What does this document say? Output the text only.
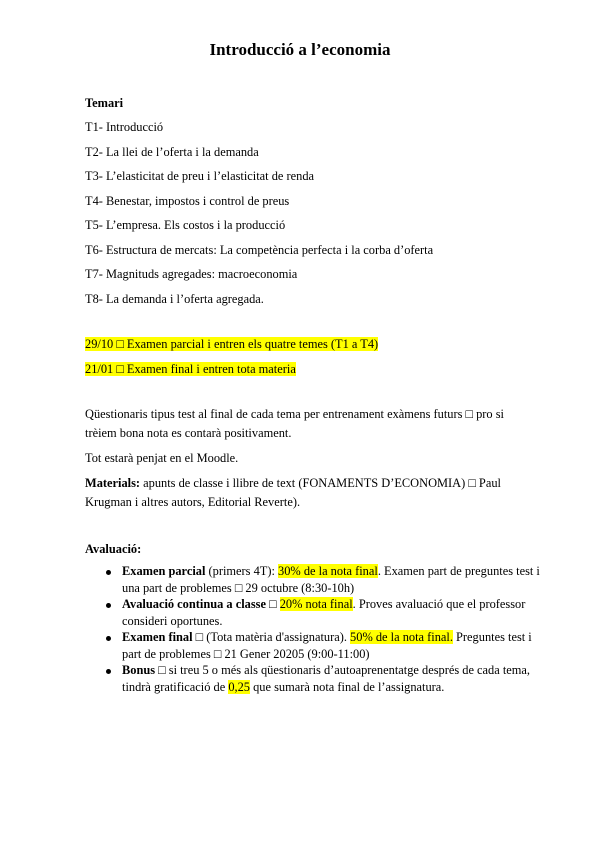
Introducció a l’economia
Temari
T1- Introducció
T2- La llei de l’oferta i la demanda
T3- L’elasticitat de preu i l’elasticitat de renda
T4- Benestar, impostos i control de preus
T5- L’empresa. Els costos i la producció
T6- Estructura de mercats: La competència perfecta i la corba d’oferta
T7- Magnituds agregades: macroeconomia
T8- La demanda i l’oferta agregada.
29/10 □ Examen parcial i entren els quatre temes (T1 a T4)
21/01 □ Examen final i entren tota materia
Qüestionaris tipus test al final de cada tema per entrenament exàmens futurs □ pro si trèiem bona nota es contarà positivament.
Tot estarà penjat en el Moodle.
Materials: apunts de classe i llibre de text (FONAMENTS D’ECONOMIA) □ Paul Krugman i altres autors, Editorial Reverte).
Avaluació:
Examen parcial (primers 4T): 30% de la nota final. Examen part de preguntes test i una part de problemes □ 29 octubre (8:30-10h)
Avaluació continua a classe □ 20% nota final. Proves avaluació que el professor consideri oportunes.
Examen final □ (Tota matèria d'assignatura). 50% de la nota final. Preguntes test i part de problemes □ 21 Gener 20205 (9:00-11:00)
Bonus □ si treu 5 o més als qüestionaris d’autoaprenentatge després de cada tema, tindrà gratificació de 0,25 que sumarà nota final de l’assignatura.
